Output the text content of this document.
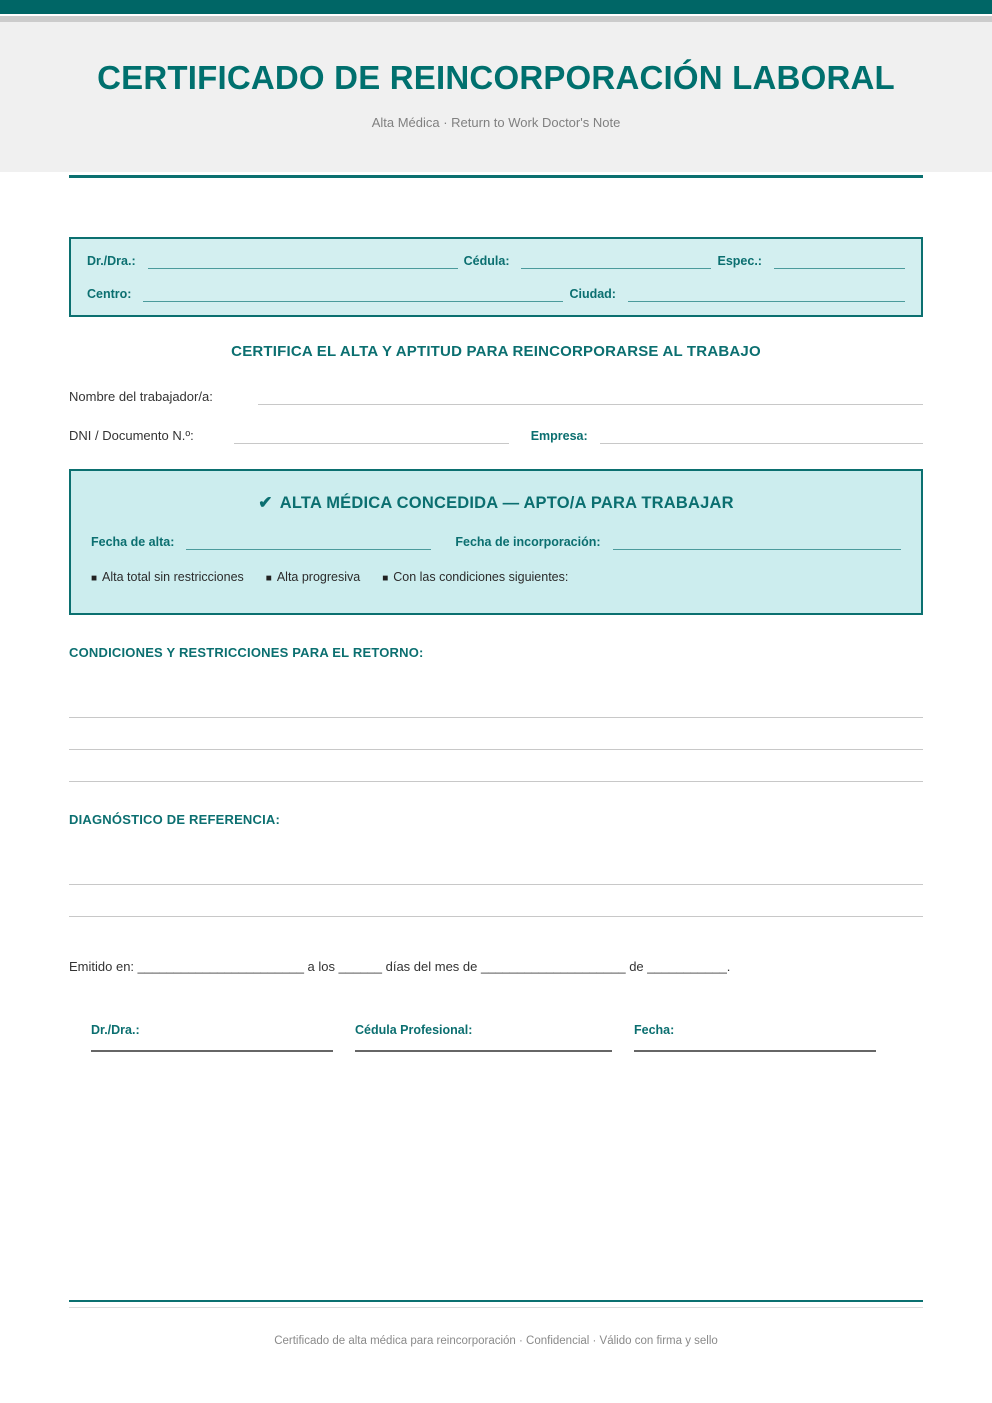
CERTIFICADO DE REINCORPORACIÓN LABORAL

Alta Médica · Return to Work Doctor's Note

Dr./Dra.:	Cédula:	Espec.:
Centro:	Ciudad:
CERTIFICA EL ALTA Y APTITUD PARA REINCORPORARSE AL TRABAJO
Nombre del trabajador/a:
DNI / Documento N.º:	Empresa:
✔ ALTA MÉDICA CONCEDIDA — APTO/A PARA TRABAJAR
Fecha de alta:	Fecha de incorporación:
■ Alta total sin restricciones ■ Alta progresiva ■ Con las condiciones siguientes:
CONDICIONES Y RESTRICCIONES PARA EL RETORNO:
DIAGNÓSTICO DE REFERENCIA:
Emitido en: _______________________ a los ______ días del mes de ____________________ de ___________.
Dr./Dra.:	Cédula Profesional:	Fecha:
Certificado de alta médica para reincorporación · Confidencial · Válido con firma y sello
